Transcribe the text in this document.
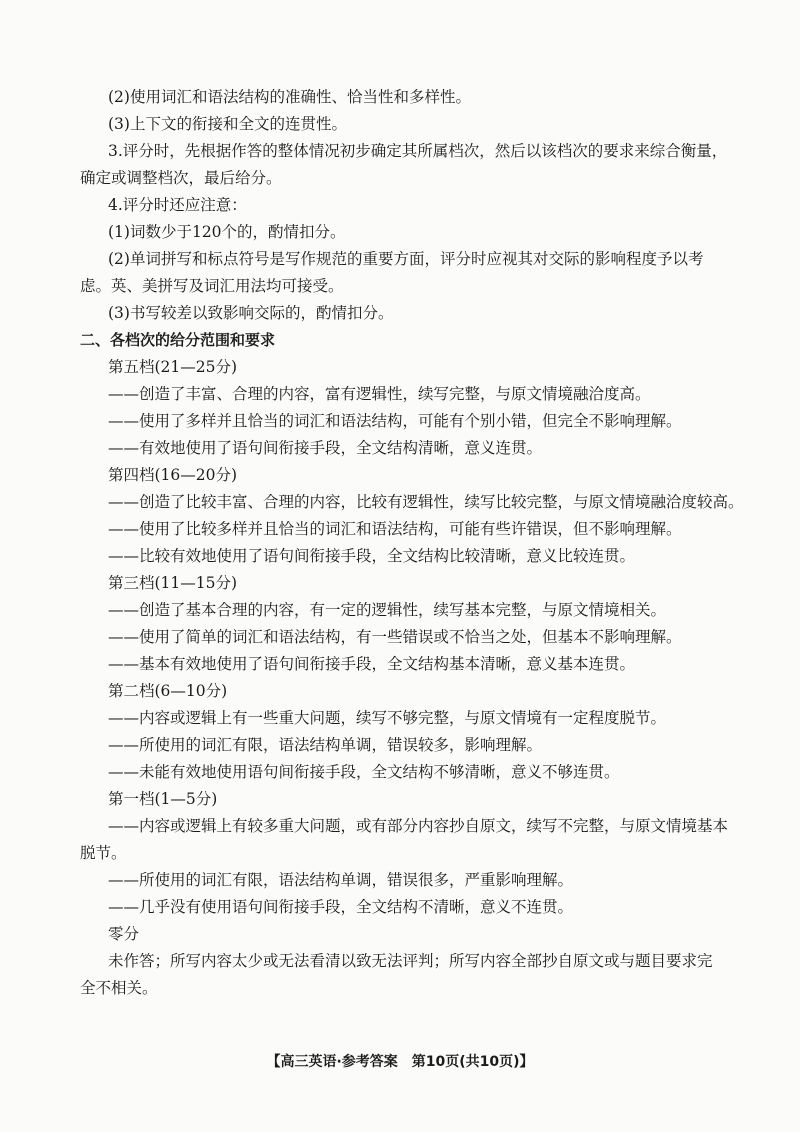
(2)使用词汇和语法结构的准确性、恰当性和多样性。
(3)上下文的衔接和全文的连贯性。
3.评分时，先根据作答的整体情况初步确定其所属档次，然后以该档次的要求来综合衡量，
确定或调整档次，最后给分。
4.评分时还应注意：
(1)词数少于120个的，酌情扣分。
(2)单词拼写和标点符号是写作规范的重要方面，评分时应视其对交际的影响程度予以考
虑。英、美拼写及词汇用法均可接受。
(3)书写较差以致影响交际的，酌情扣分。
二、各档次的给分范围和要求
第五档(21—25分)
——创造了丰富、合理的内容，富有逻辑性，续写完整，与原文情境融洽度高。
——使用了多样并且恰当的词汇和语法结构，可能有个别小错，但完全不影响理解。
——有效地使用了语句间衔接手段，全文结构清晰，意义连贯。
第四档(16—20分)
——创造了比较丰富、合理的内容，比较有逻辑性，续写比较完整，与原文情境融洽度较高。
——使用了比较多样并且恰当的词汇和语法结构，可能有些许错误，但不影响理解。
——比较有效地使用了语句间衔接手段，全文结构比较清晰，意义比较连贯。
第三档(11—15分)
——创造了基本合理的内容，有一定的逻辑性，续写基本完整，与原文情境相关。
——使用了简单的词汇和语法结构，有一些错误或不恰当之处，但基本不影响理解。
——基本有效地使用了语句间衔接手段，全文结构基本清晰，意义基本连贯。
第二档(6—10分)
——内容或逻辑上有一些重大问题，续写不够完整，与原文情境有一定程度脱节。
——所使用的词汇有限，语法结构单调，错误较多，影响理解。
——未能有效地使用语句间衔接手段，全文结构不够清晰，意义不够连贯。
第一档(1—5分)
——内容或逻辑上有较多重大问题，或有部分内容抄自原文，续写不完整，与原文情境基本
脱节。
——所使用的词汇有限，语法结构单调，错误很多，严重影响理解。
——几乎没有使用语句间衔接手段，全文结构不清晰，意义不连贯。
零分
未作答；所写内容太少或无法看清以致无法评判；所写内容全部抄自原文或与题目要求完
全不相关。
【高三英语·参考答案　第10页(共10页)】
